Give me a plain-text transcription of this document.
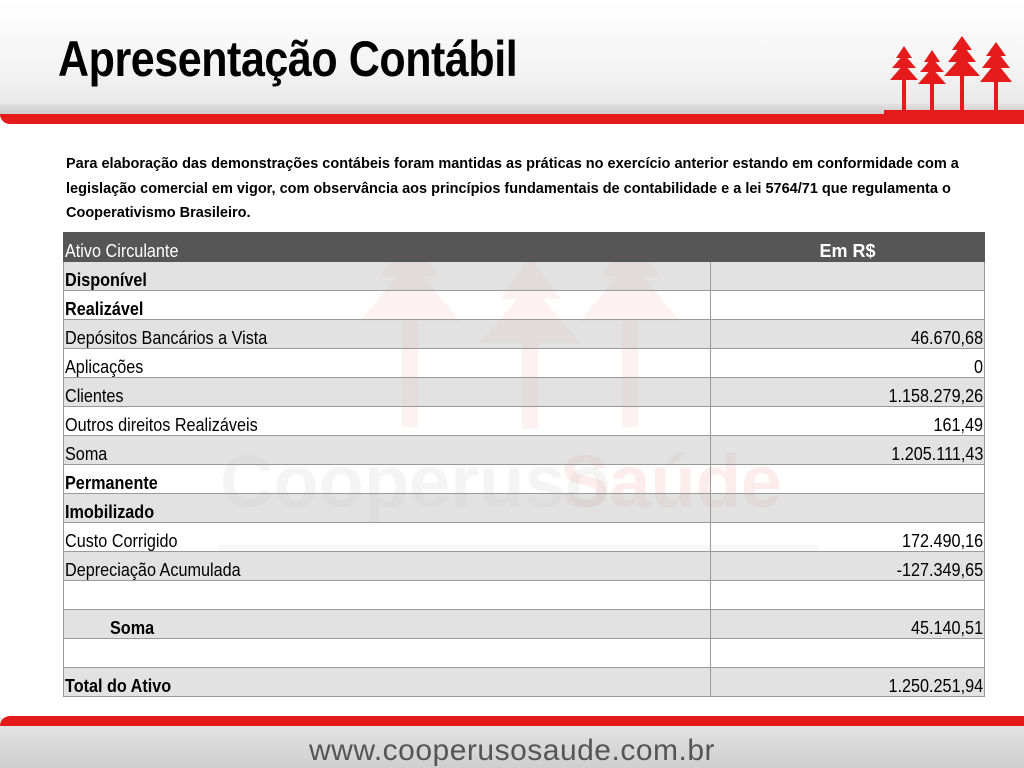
Apresentação Contábil
Para elaboração das demonstrações contábeis foram mantidas as práticas no exercício anterior estando em conformidade com a legislação comercial em vigor, com observância aos princípios fundamentais de contabilidade e a lei 5764/71 que regulamenta o Cooperativismo Brasileiro.
Ativo Circulante	Em R$
Disponível	
Realizável	
Depósitos Bancários a Vista	46.670,68
Aplicações	0
Clientes	1.158.279,26
Outros direitos Realizáveis	161,49
Soma	1.205.111,43
Permanente	
Imobilizado	
Custo Corrigido	172.490,16
Depreciação Acumulada	-127.349,65

Soma	45.140,51

Total do Ativo	1.250.251,94
www.cooperusosaude.com.br
